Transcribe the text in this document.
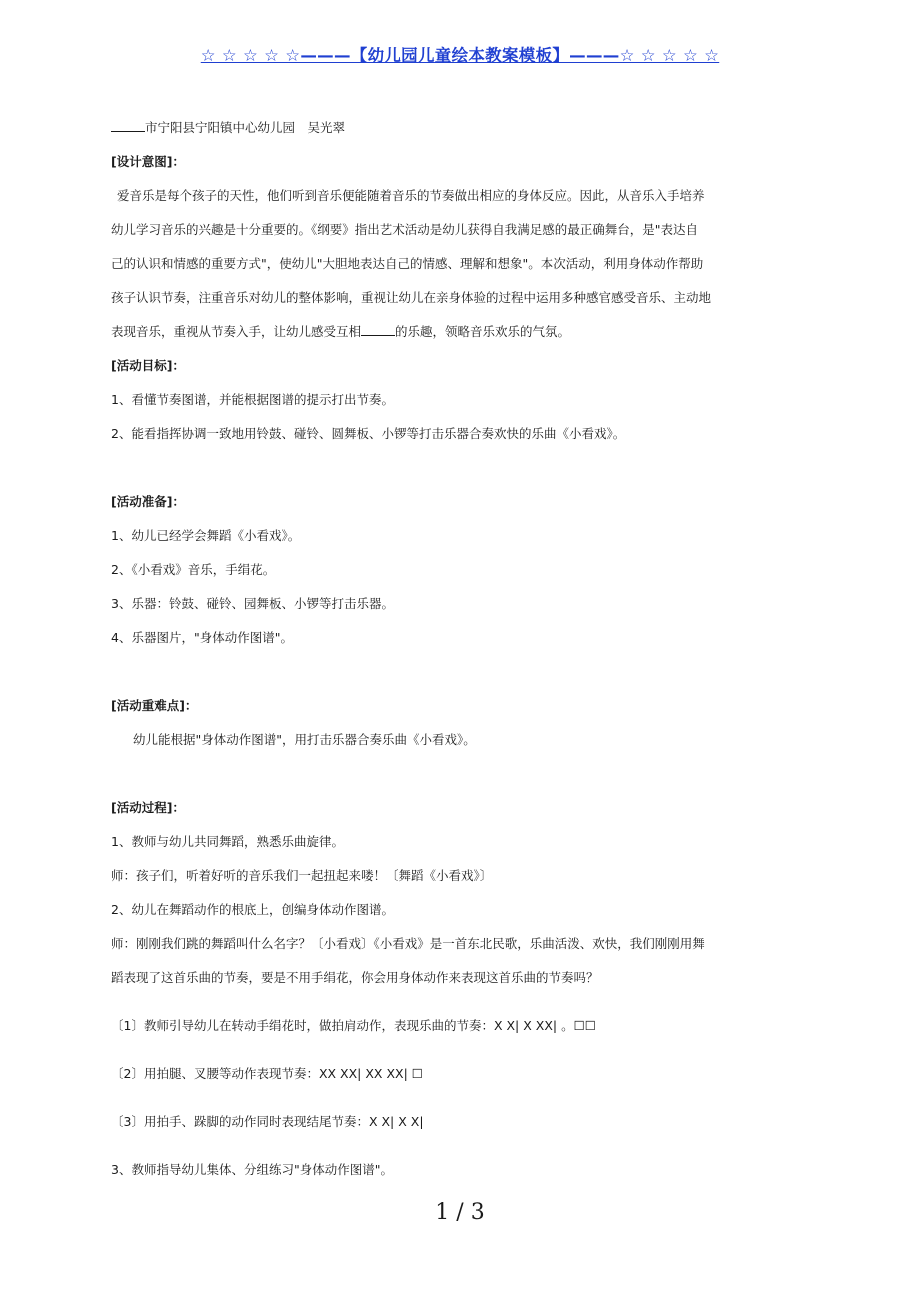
☆ ☆ ☆ ☆ ☆———【幼儿园儿童绘本教案模板】———☆ ☆ ☆ ☆ ☆
市宁阳县宁阳镇中心幼儿园　吴光翠
[设计意图]：
爱音乐是每个孩子的天性，他们听到音乐便能随着音乐的节奏做出相应的身体反应。因此，从音乐入手培养
幼儿学习音乐的兴趣是十分重要的。《纲要》指出艺术活动是幼儿获得自我满足感的最正确舞台，是"表达自
己的认识和情感的重要方式"，使幼儿"大胆地表达自己的情感、理解和想象"。本次活动，利用身体动作帮助
孩子认识节奏，注重音乐对幼儿的整体影响，重视让幼儿在亲身体验的过程中运用多种感官感受音乐、主动地
表现音乐，重视从节奏入手，让幼儿感受互相	的乐趣，领略音乐欢乐的气氛。
[活动目标]：
1、看懂节奏图谱，并能根据图谱的提示打出节奏。
2、能看指挥协调一致地用铃鼓、碰铃、圆舞板、小锣等打击乐器合奏欢快的乐曲《小看戏》。
[活动准备]：
1、幼儿已经学会舞蹈《小看戏》。
2、《小看戏》音乐，手绢花。
3、乐器：铃鼓、碰铃、园舞板、小锣等打击乐器。
4、乐器图片，"身体动作图谱"。
[活动重难点]：
幼儿能根据"身体动作图谱"，用打击乐器合奏乐曲《小看戏》。
[活动过程]：
1、教师与幼儿共同舞蹈，熟悉乐曲旋律。
师：孩子们，听着好听的音乐我们一起扭起来喽！〔舞蹈《小看戏》〕
2、幼儿在舞蹈动作的根底上，创编身体动作图谱。
师：刚刚我们跳的舞蹈叫什么名字？〔小看戏〕《小看戏》是一首东北民歌，乐曲活泼、欢快，我们刚刚用舞
蹈表现了这首乐曲的节奏，要是不用手绢花，你会用身体动作来表现这首乐曲的节奏吗？
〔1〕教师引导幼儿在转动手绢花时，做拍肩动作，表现乐曲的节奏：X X| X XX| 。☐☐
〔2〕用拍腿、叉腰等动作表现节奏：XX XX| XX XX| ☐
〔3〕用拍手、跺脚的动作同时表现结尾节奏：X X| X X|
3、教师指导幼儿集体、分组练习"身体动作图谱"。
1 / 3
